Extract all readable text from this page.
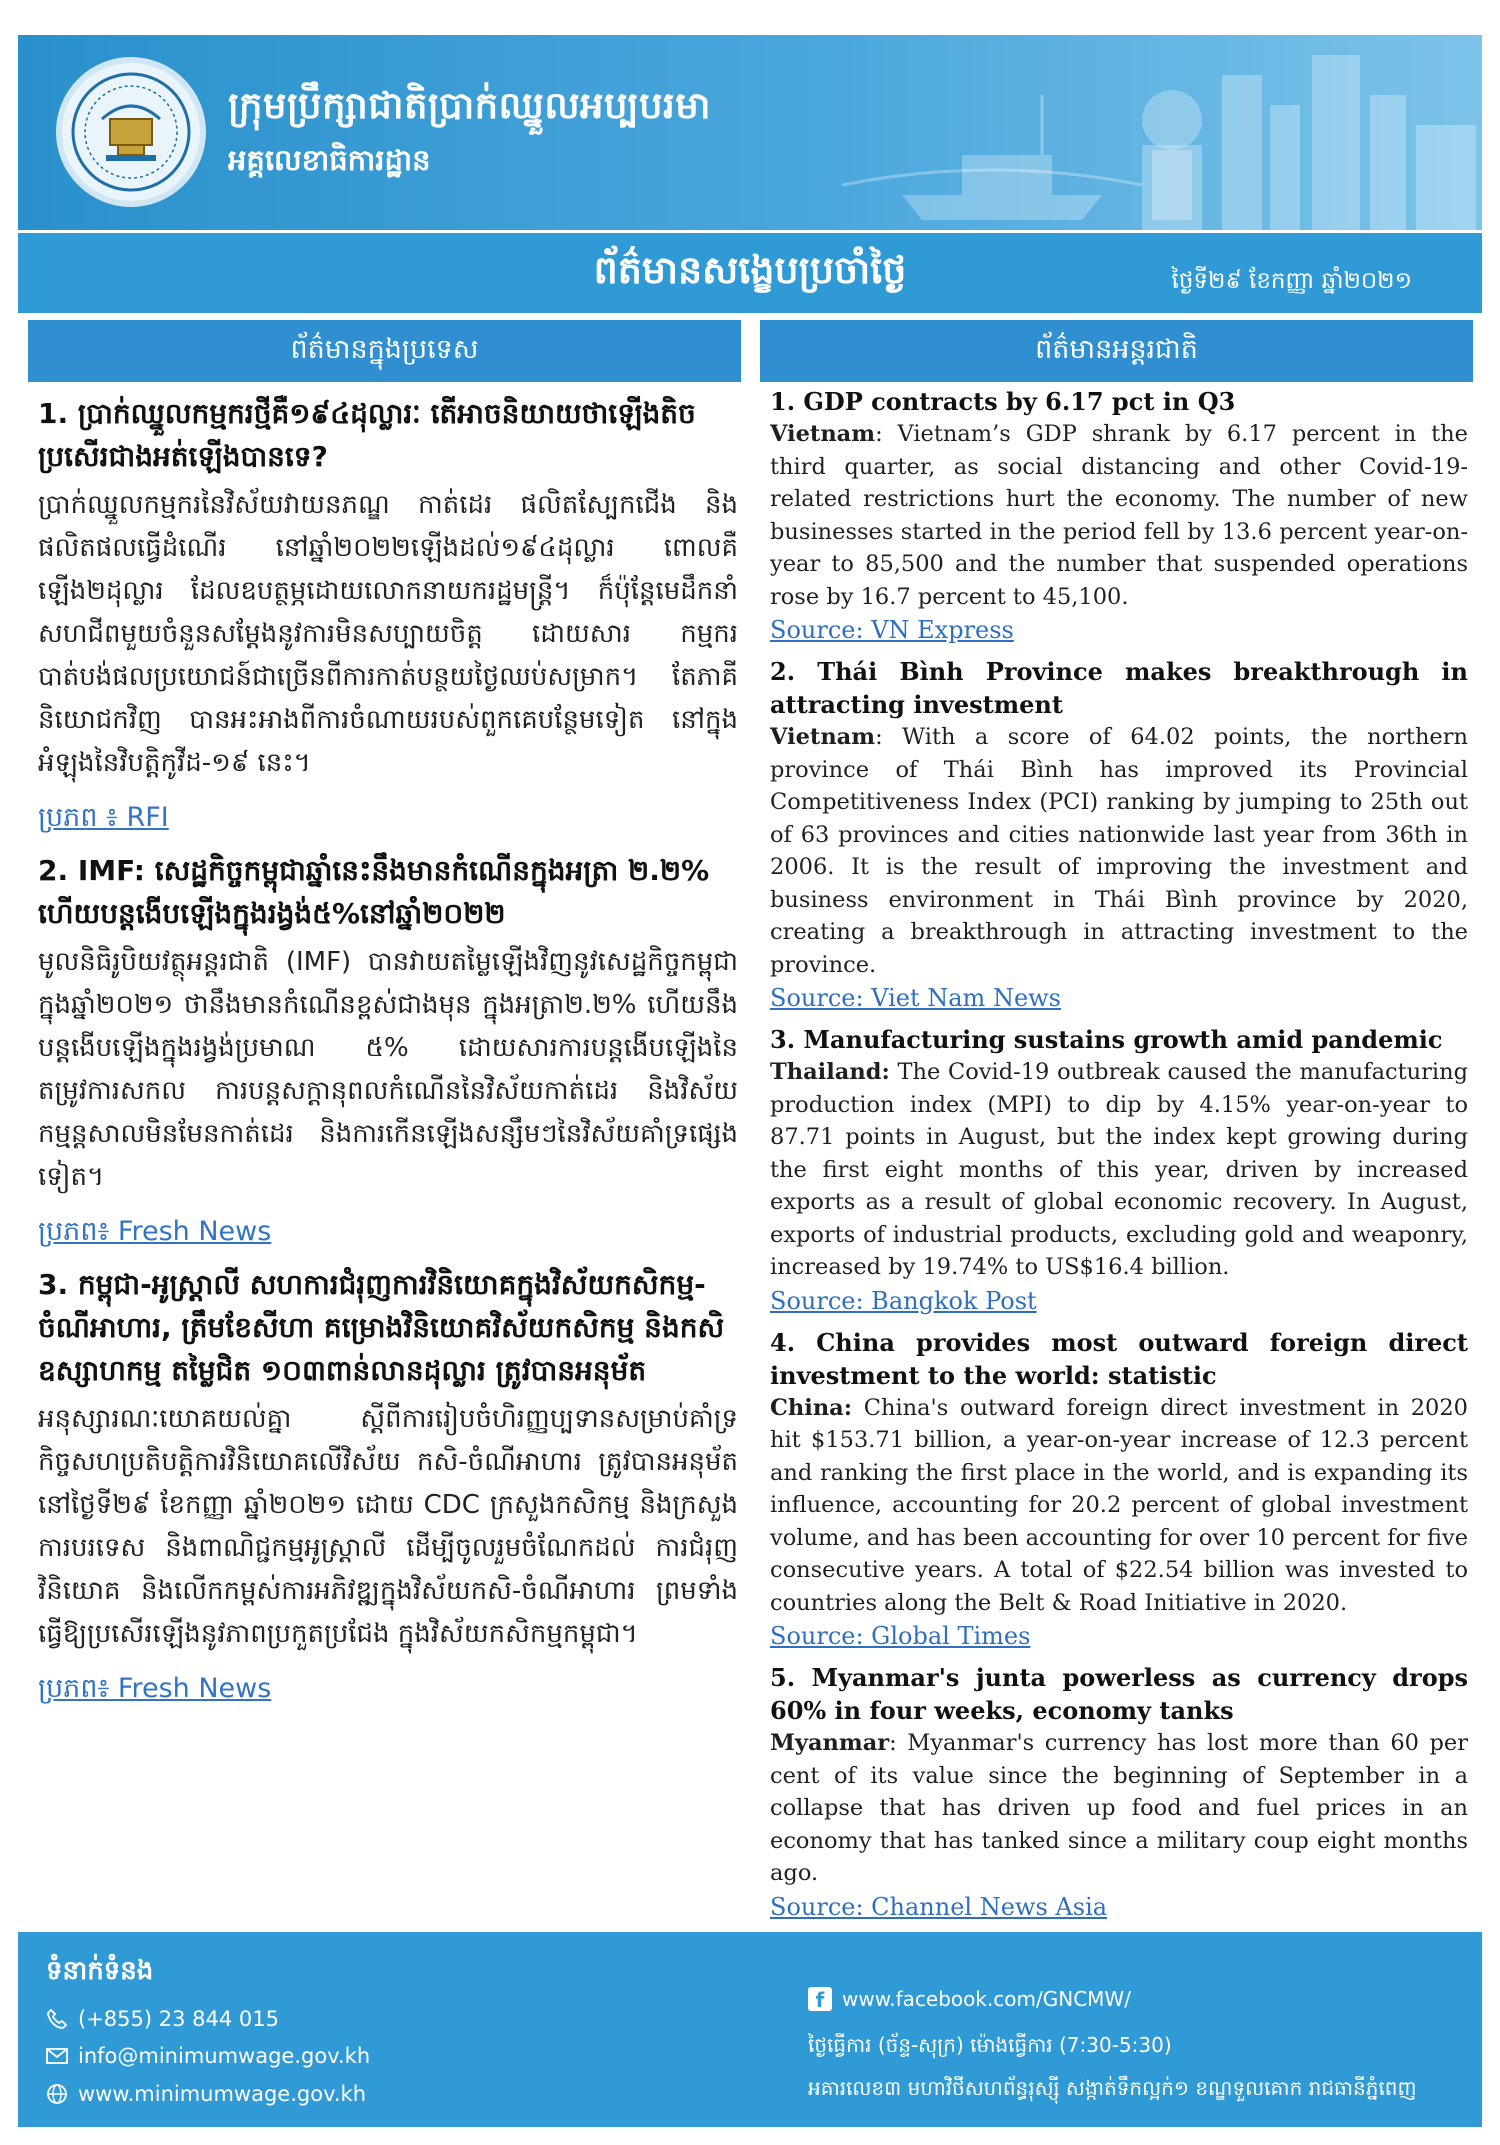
ក្រុមប្រឹក្សាជាតិប្រាក់ឈ្នួលអប្បបរមា
អគ្គលេខាធិការដ្ឋាន
ព័ត៌មានសង្ខេបប្រចាំថ្ងៃ	ថ្ងៃទី២៩ ខែកញ្ញា ឆ្នាំ២០២១
ព័ត៌មានក្នុងប្រទេស	ព័ត៌មានអន្តរជាតិ

1. ប្រាក់ឈ្នួលកម្មករថ្មីគឺ១៩៤ដុល្លារៈ តើអាចនិយាយថាឡើងតិច ប្រសើរជាងអត់ឡើងបានទេ?

ប្រាក់ឈ្នួលកម្មករនៃវិស័យវាយនភណ្ឌ កាត់ដេរ ផលិតស្បែកជើង និងផលិតផលធ្វើដំណើរ នៅឆ្នាំ២០២២ឡើងដល់១៩៤ដុល្លារ ពោលគឺឡើង២ដុល្លារ ដែលឧបត្ថម្ភដោយលោកនាយករដ្ឋមន្ត្រី។ ក៏ប៉ុន្តែមេដឹកនាំសហជីពមួយចំនួនសម្តែងនូវការមិនសប្បាយចិត្ត ដោយសារ កម្មករបាត់បង់ផលប្រយោជន៍ជាច្រើនពីការកាត់បន្ថយថ្ងៃឈប់សម្រាក។ តែភាគីនិយោជកវិញ បានអះអាងពីការចំណាយរបស់ពួកគេបន្ថែមទៀត នៅក្នុងអំឡុងនៃវិបត្តិកូវីដ-១៩ នេះ។

ប្រភព ៖ RFI

2. IMF: សេដ្ឋកិច្ចកម្ពុជាឆ្នាំនេះនឹងមានកំណើនក្នុងអត្រា ២.២% ហើយបន្តងើបឡើងក្នុងរង្វង់៥%នៅឆ្នាំ២០២២

មូលនិធិរូបិយវត្ថុអន្តរជាតិ (IMF) បានវាយតម្លៃឡើងវិញនូវសេដ្ឋកិច្ចកម្ពុជា ក្នុងឆ្នាំ២០២១ ថានឹងមានកំណើនខ្ពស់ជាងមុន ក្នុងអត្រា២.២% ហើយនឹងបន្តងើបឡើងក្នុងរង្វង់ប្រមាណ ៥% ដោយសារការបន្តងើបឡើងនៃតម្រូវការសកល ការបន្តសក្តានុពលកំណើននៃវិស័យកាត់ដេរ និងវិស័យកម្មន្តសាលមិនមែនកាត់ដេរ និងការកើនឡើងសន្សឹមៗនៃវិស័យគាំទ្រផ្សេងទៀត។

ប្រភព៖ Fresh News

3. កម្ពុជា-អូស្ត្រាលី សហការជំរុញការវិនិយោគក្នុងវិស័យកសិកម្ម-ចំណីអាហារ, ត្រឹមខែសីហា គម្រោងវិនិយោគវិស័យកសិកម្ម និងកសិឧស្សាហកម្ម តម្លៃជិត ១០៣ពាន់លានដុល្លារ ត្រូវបានអនុម័ត

អនុស្សារណៈយោគយល់គ្នា ស្តីពីការរៀបចំហិរញ្ញប្បទានសម្រាប់គាំទ្រកិច្ចសហប្រតិបត្តិការវិនិយោគលើវិស័យ កសិ-ចំណីអាហារ ត្រូវបានអនុម័ត នៅថ្ងៃទី២៩ ខែកញ្ញា ឆ្នាំ២០២១ ដោយ CDC ក្រសួងកសិកម្ម និងក្រសួងការបរទេស និងពាណិជ្ជកម្មអូស្ត្រាលី ដើម្បីចូលរួមចំណែកដល់ ការជំរុញវិនិយោគ និងលើកកម្ពស់ការអភិវឌ្ឍក្នុងវិស័យកសិ-ចំណីអាហារ ព្រមទាំងធ្វើឱ្យប្រសើរឡើងនូវភាពប្រកួតប្រជែង ក្នុងវិស័យកសិកម្មកម្ពុជា។

ប្រភព៖ Fresh News

1. GDP contracts by 6.17 pct in Q3

Vietnam: Vietnam’s GDP shrank by 6.17 percent in the third quarter, as social distancing and other Covid-19-related restrictions hurt the economy. The number of new businesses started in the period fell by 13.6 percent year-on-year to 85,500 and the number that suspended operations rose by 16.7 percent to 45,100.

Source: VN Express

2. Thái Bình Province makes breakthrough in attracting investment

Vietnam: With a score of 64.02 points, the northern province of Thái Bình has improved its Provincial Competitiveness Index (PCI) ranking by jumping to 25th out of 63 provinces and cities nationwide last year from 36th in 2006. It is the result of improving the investment and business environment in Thái Bình province by 2020, creating a breakthrough in attracting investment to the province.

Source: Viet Nam News

3. Manufacturing sustains growth amid pandemic

Thailand: The Covid-19 outbreak caused the manufacturing production index (MPI) to dip by 4.15% year-on-year to 87.71 points in August, but the index kept growing during the first eight months of this year, driven by increased exports as a result of global economic recovery. In August, exports of industrial products, excluding gold and weaponry, increased by 19.74% to US$16.4 billion.

Source: Bangkok Post

4. China provides most outward foreign direct investment to the world: statistic

China: China's outward foreign direct investment in 2020 hit $153.71 billion, a year-on-year increase of 12.3 percent and ranking the first place in the world, and is expanding its influence, accounting for 20.2 percent of global investment volume, and has been accounting for over 10 percent for five consecutive years. A total of $22.54 billion was invested to countries along the Belt & Road Initiative in 2020.

Source: Global Times

5. Myanmar's junta powerless as currency drops 60% in four weeks, economy tanks

Myanmar: Myanmar's currency has lost more than 60 per cent of its value since the beginning of September in a collapse that has driven up food and fuel prices in an economy that has tanked since a military coup eight months ago.

Source: Channel News Asia
ទំនាក់ទំនង
(+855) 23 844 015
info@minimumwage.gov.kh
www.minimumwage.gov.kh
f www.facebook.com/GNCMW/
ថ្ងៃធ្វើការ (ច័ន្ទ-សុក្រ) ម៉ោងធ្វើការ (7:30-5:30)
អគារលេខ៣ មហាវិថីសហព័ន្ធរុស្ស៊ី សង្កាត់ទឹកល្អក់១ ខណ្ឌទួលគោក រាជធានីភ្នំពេញ
